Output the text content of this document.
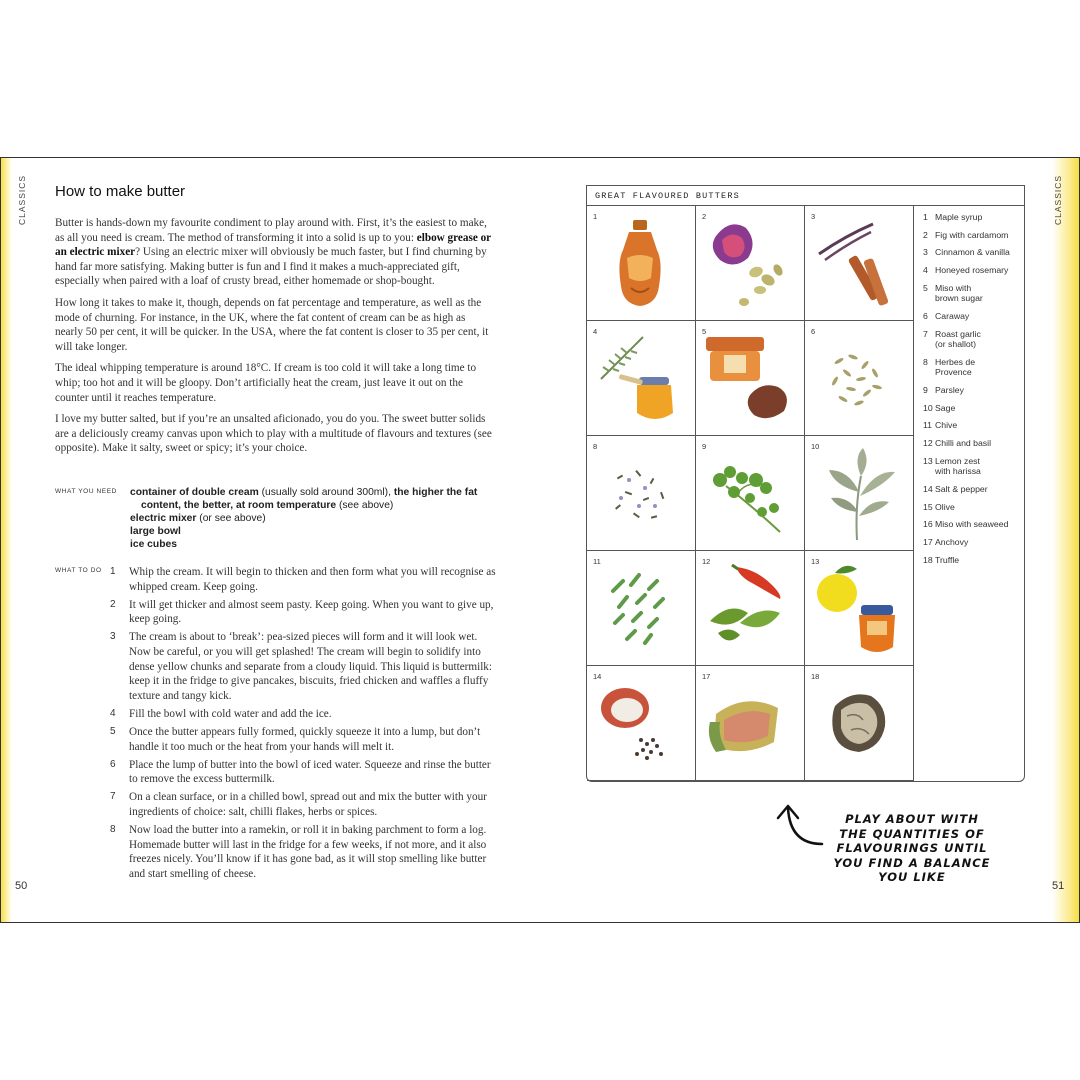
CLASSICS
50
How to make butter

Butter is hands-down my favourite condiment to play around with. First, it’s the easiest to make, as all you need is cream. The method of transforming it into a solid is up to you: elbow grease or an electric mixer? Using an electric mixer will obviously be much faster, but I find churning by hand far more satisfying. Making butter is fun and I find it makes a much-appreciated gift, especially when paired with a loaf of crusty bread, either homemade or shop-bought.

How long it takes to make it, though, depends on fat percentage and temperature, as well as the mode of churning. For instance, in the UK, where the fat content of cream can be as high as nearly 50 per cent, it will be quicker. In the USA, where the fat content is closer to 35 per cent, it will take longer.

The ideal whipping temperature is around 18°C. If cream is too cold it will take a long time to whip; too hot and it will be gloopy. Don’t artificially heat the cream, just leave it out on the counter until it reaches temperature.

I love my butter salted, but if you’re an unsalted aficionado, you do you. The sweet butter solids are a deliciously creamy canvas upon which to play with a multitude of flavours and textures (see opposite). Make it salty, sweet or spicy; it’s your choice.

WHAT YOU NEED container of double cream (usually sold around 300ml), the higher the fat
content, the better, at room temperature (see above)
electric mixer (or see above)
large bowl
ice cubes
WHAT TO DO 1 Whip the cream. It will begin to thicken and then form what you will recognise as whipped cream. Keep going.
2 It will get thicker and almost seem pasty. Keep going. When you want to give up, keep going.
3 The cream is about to ‘break’: pea-sized pieces will form and it will look wet. Now be careful, or you will get splashed! The cream will begin to solidify into dense yellow chunks and separate from a cloudy liquid. This liquid is buttermilk: keep it in the fridge to give pancakes, biscuits, fried chicken and waffles a fluffy texture and tangy kick.
4 Fill the bowl with cold water and add the ice.
5 Once the butter appears fully formed, quickly squeeze it into a lump, but don’t handle it too much or the heat from your hands will melt it.
6 Place the lump of butter into the bowl of iced water. Squeeze and rinse the butter to remove the excess buttermilk.
7 On a clean surface, or in a chilled bowl, spread out and mix the butter with your ingredients of choice: salt, chilli flakes, herbs or spices.
8 Now load the butter into a ramekin, or roll it in baking parchment to form a log. Homemade butter will last in the fridge for a few weeks, if not more, and it also freezes nicely. You’ll know if it has gone bad, as it will stop smelling like butter and start smelling of cheese.
CLASSICS
51
GREAT FLAVOURED BUTTERS
1	2	3
4	5	6
8	9	10
11	12	13
14	17	18
1 Maple syrup
2 Fig with cardamom
3 Cinnamon & vanilla
4 Honeyed rosemary
5 Miso with
brown sugar
6 Caraway
7 Roast garlic
(or shallot)
8 Herbes de
Provence
9 Parsley
10 Sage
11 Chive
12 Chilli and basil
13 Lemon zest
with harissa
14 Salt & pepper
15 Olive
16 Miso with seaweed
17 Anchovy
18 Truffle
PLAY ABOUT WITH
THE QUANTITIES OF
FLAVOURINGS UNTIL
YOU FIND A BALANCE
YOU LIKE
